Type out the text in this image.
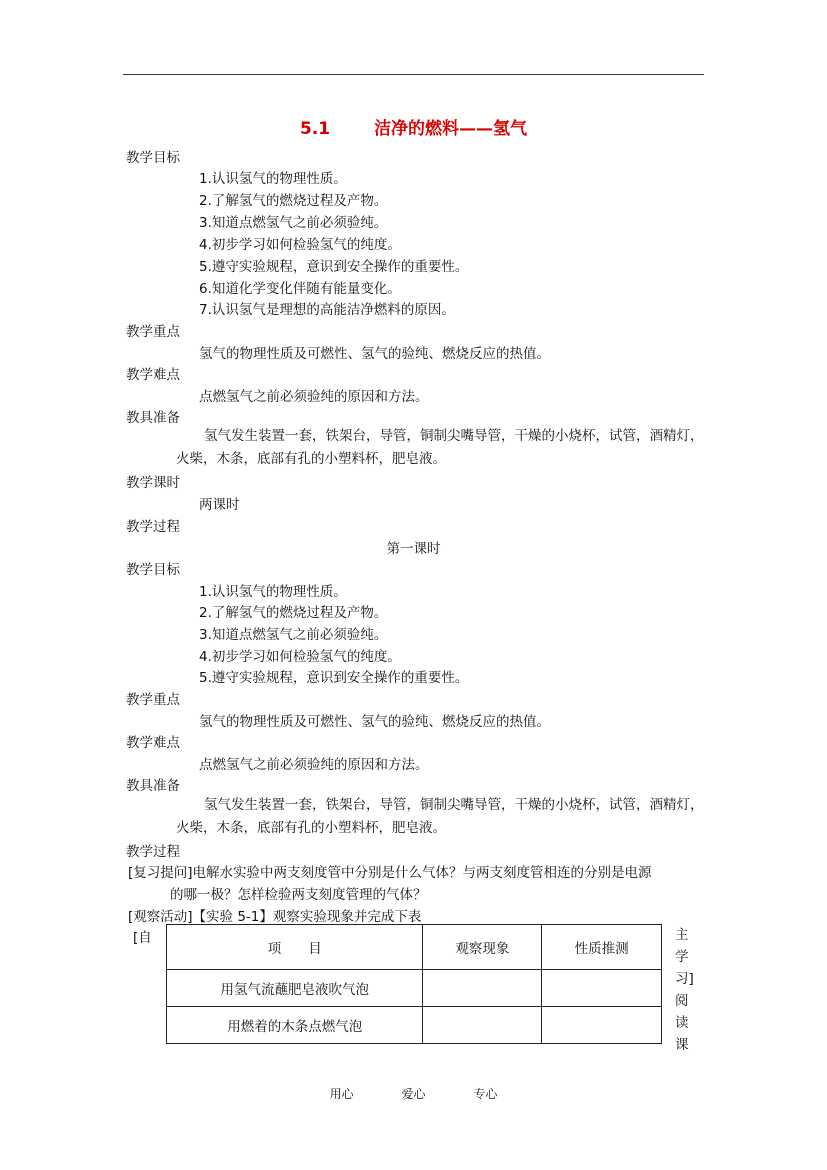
5.1	洁净的燃料——氢气
教学目标
1.认识氢气的物理性质。
2.了解氢气的燃烧过程及产物。
3.知道点燃氢气之前必须验纯。
4.初步学习如何检验氢气的纯度。
5.遵守实验规程，意识到安全操作的重要性。
6.知道化学变化伴随有能量变化。
7.认识氢气是理想的高能洁净燃料的原因。
教学重点
氢气的物理性质及可燃性、氢气的验纯、燃烧反应的热值。
教学难点
点燃氢气之前必须验纯的原因和方法。
教具准备
氢气发生装置一套，铁架台，导管，铜制尖嘴导管，干燥的小烧杯，试管，酒精灯，火柴，木条，底部有孔的小塑料杯，肥皂液。
教学课时
两课时
教学过程
第一课时
教学目标
1.认识氢气的物理性质。
2.了解氢气的燃烧过程及产物。
3.知道点燃氢气之前必须验纯。
4.初步学习如何检验氢气的纯度。
5.遵守实验规程，意识到安全操作的重要性。
教学重点
氢气的物理性质及可燃性、氢气的验纯、燃烧反应的热值。
教学难点
点燃氢气之前必须验纯的原因和方法。
教具准备
氢气发生装置一套，铁架台，导管，铜制尖嘴导管，干燥的小烧杯，试管，酒精灯，火柴，木条，底部有孔的小塑料杯，肥皂液。
教学过程
[复习提问]电解水实验中两支刻度管中分别是什么气体？与两支刻度管相连的分别是电源
的哪一极？怎样检验两支刻度管理的气体？
[观察活动]【实验 5-1】观察实验现象并完成下表
[自
项　　目	观察现象	性质推测
用氢气流蘸肥皂液吹气泡		
用燃着的木条点燃气泡		
主
学
习]
阅
读
课
用心	爱心	专心
